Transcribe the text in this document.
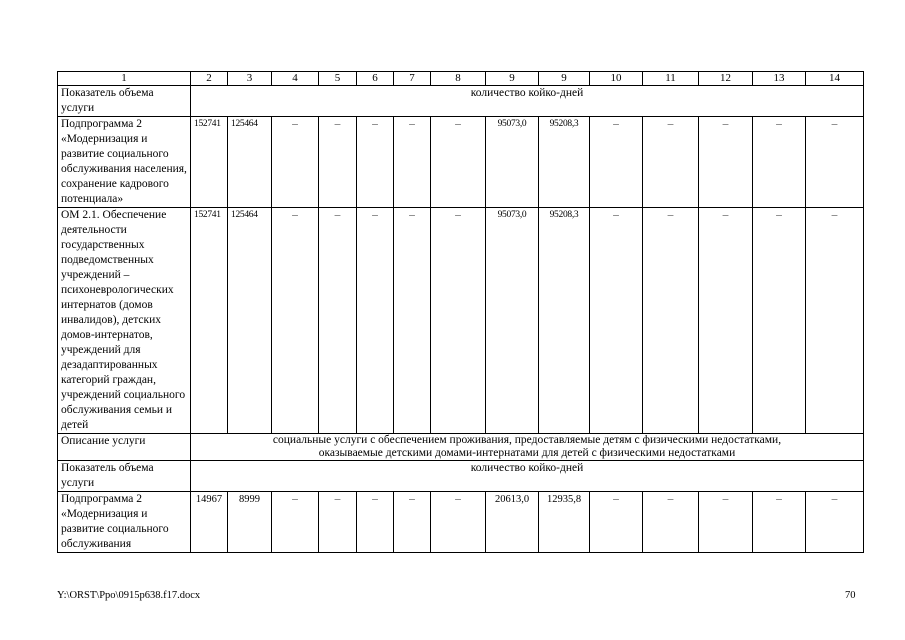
1	2	3	4	5	6	7	8	9	9	10	11	12	13	14
Показатель объема услуги	количество койко-дней													
Подпрограмма 2 «Модернизация и развитие социального обслуживания населения, сохранение кадрового потенциала»	152741	125464	–	–	–	–	–	95073,0	95208,3	–	–	–	–	–
ОМ 2.1. Обеспечение деятельности государственных подведомственных учреждений – психоневрологических интернатов (домов инвалидов), детских домов-интернатов, учреждений для дезадаптированных категорий граждан, учреждений социального обслуживания семьи и детей	152741	125464	–	–	–	–	–	95073,0	95208,3	–	–	–	–	–
Описание услуги	социальные услуги с обеспечением проживания, предоставляемые детям с физическими недостатками,
оказываемые детскими домами-интернатами для детей с физическими недостатками													

Показатель объема услуги	количество койко-дней													
Подпрограмма 2 «Модернизация и развитие социального обслуживания	14967	8999	–	–	–	–	–	20613,0	12935,8	–	–	–	–	–
Y:\ORST\Ppo\0915p638.f17.docx	70
